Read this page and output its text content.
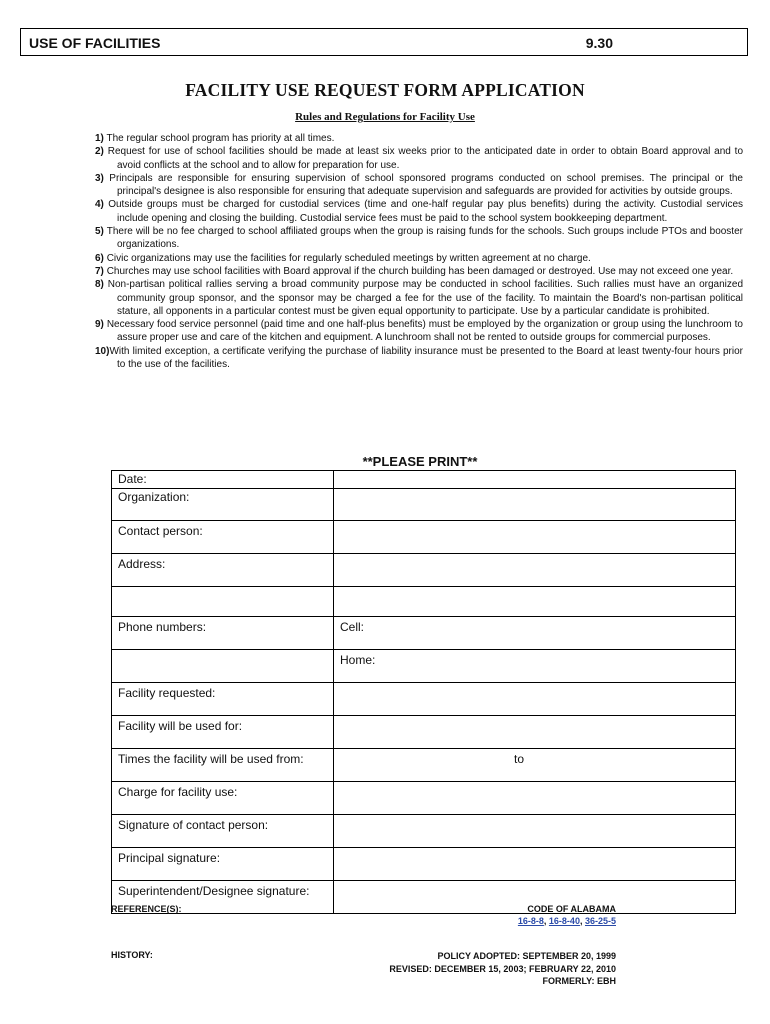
USE OF FACILITIES	9.30
FACILITY USE REQUEST FORM APPLICATION
Rules and Regulations for Facility Use
1) The regular school program has priority at all times.
2) Request for use of school facilities should be made at least six weeks prior to the anticipated date in order to obtain Board approval and to avoid conflicts at the school and to allow for preparation for use.
3) Principals are responsible for ensuring supervision of school sponsored programs conducted on school premises. The principal or the principal's designee is also responsible for ensuring that adequate supervision and safeguards are provided for activities by outside groups.
4) Outside groups must be charged for custodial services (time and one-half regular pay plus benefits) during the activity. Custodial services include opening and closing the building. Custodial service fees must be paid to the school system bookkeeping department.
5) There will be no fee charged to school affiliated groups when the group is raising funds for the schools. Such groups include PTOs and booster organizations.
6) Civic organizations may use the facilities for regularly scheduled meetings by written agreement at no charge.
7) Churches may use school facilities with Board approval if the church building has been damaged or destroyed. Use may not exceed one year.
8) Non-partisan political rallies serving a broad community purpose may be conducted in school facilities. Such rallies must have an organized community group sponsor, and the sponsor may be charged a fee for the use of the facility. To maintain the Board's non-partisan political stature, all opponents in a particular contest must be given equal opportunity to participate. Use by a particular candidate is prohibited.
9) Necessary food service personnel (paid time and one half-plus benefits) must be employed by the organization or group using the lunchroom to assure proper use and care of the kitchen and equipment. A lunchroom shall not be rented to outside groups for commercial purposes.
10)With limited exception, a certificate verifying the purchase of liability insurance must be presented to the Board at least twenty-four hours prior to the use of the facilities.
**PLEASE PRINT**
Date:	
Organization:	
Contact person:	
Address:	

Phone numbers:	Cell:
	Home:
Facility requested:	
Facility will be used for:	
Times the facility will be used from:	to

Charge for facility use:	
Signature of contact person:	
Principal signature:	
Superintendent/Designee signature:	
REFERENCE(S):	CODE OF ALABAMA
16-8-8, 16-8-40, 36-25-5
HISTORY:	POLICY ADOPTED: SEPTEMBER 20, 1999
REVISED: DECEMBER 15, 2003; FEBRUARY 22, 2010
FORMERLY: EBH
